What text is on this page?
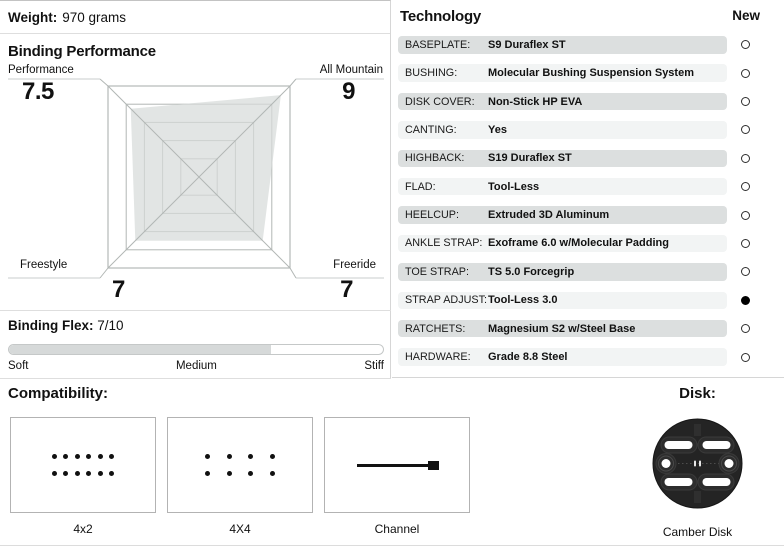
Weight: 970 grams
Binding Performance
Performance
7.5
All Mountain
9
Freestyle
7
Freeride
7
Binding Flex: 7/10
Soft	Medium	Stiff
Technology	New
BASEPLATE:	S9 Duraflex ST
BUSHING:	Molecular Bushing Suspension System
DISK COVER:	Non-Stick HP EVA
CANTING:	Yes
HIGHBACK:	S19 Duraflex ST
FLAD:	Tool-Less
HEELCUP:	Extruded 3D Aluminum
ANKLE STRAP: Exoframe 6.0 w/Molecular Padding
TOE STRAP:	TS 5.0 Forcegrip
STRAP ADJUST: Tool-Less 3.0
RATCHETS:	Magnesium S2 w/Steel Base
HARDWARE:	Grade 8.8 Steel
Compatibility:	Disk:
4x2	4X4	Channel	Camber Disk
